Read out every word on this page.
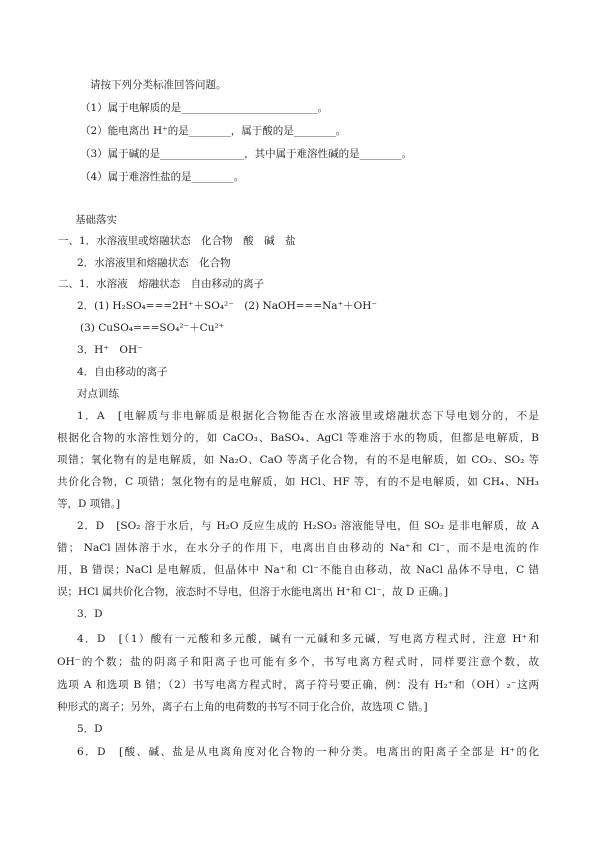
请按下列分类标准回答问题。
（1）属于电解质的是__________________________。
（2）能电离出 H⁺的是________，属于酸的是________。
（3）属于碱的是________________，其中属于难溶性碱的是________。
（4）属于难溶性盐的是________。
基础落实
一、1．水溶液里或熔融状态　化合物　酸　碱　盐
2．水溶液里和熔融状态　化合物
二、1．水溶液　熔融状态　自由移动的离子
2．(1) H₂SO₄===2H⁺＋SO₄²⁻　(2) NaOH===Na⁺＋OH⁻
(3) CuSO₄===SO₄²⁻＋Cu²⁺
3．H⁺　OH⁻
4．自由移动的离子
对点训练
1．A　[电解质与非电解质是根据化合物能否在水溶液里或熔融状态下导电划分的，不是
根据化合物的水溶性划分的，如 CaCO₃、BaSO₄、AgCl 等难溶于水的物质，但都是电解质，B
项错；氧化物有的是电解质，如 Na₂O、CaO 等离子化合物，有的不是电解质，如 CO₂、SO₂ 等
共价化合物，C 项错；氢化物有的是电解质，如 HCl、HF 等，有的不是电解质，如 CH₄、NH₃
等，D 项错。]
2．D　[SO₂ 溶于水后，与 H₂O 反应生成的 H₂SO₃ 溶液能导电，但 SO₂ 是非电解质，故 A
错； NaCl 固体溶于水，在水分子的作用下，电离出自由移动的 Na⁺和 Cl⁻，而不是电流的作
用，B 错误；NaCl 是电解质，但晶体中 Na⁺和 Cl⁻不能自由移动，故 NaCl 晶体不导电，C 错
误；HCl 属共价化合物，液态时不导电，但溶于水能电离出 H⁺和 Cl⁻，故 D 正确。]
3．D
4．D　[（1）酸有一元酸和多元酸，碱有一元碱和多元碱，写电离方程式时，注意 H⁺和
OH⁻的个数；盐的阴离子和阳离子也可能有多个，书写电离方程式时，同样要注意个数，故
选项 A 和选项 B 错；（2）书写电离方程式时，离子符号要正确，例：没有 H₂⁺和（OH）₂⁻这两
种形式的离子；另外，离子右上角的电荷数的书写不同于化合价，故选项 C 错。]
5．D
6．D　[酸、碱、盐是从电离角度对化合物的一种分类。电离出的阳离子全部是 H⁺的化
